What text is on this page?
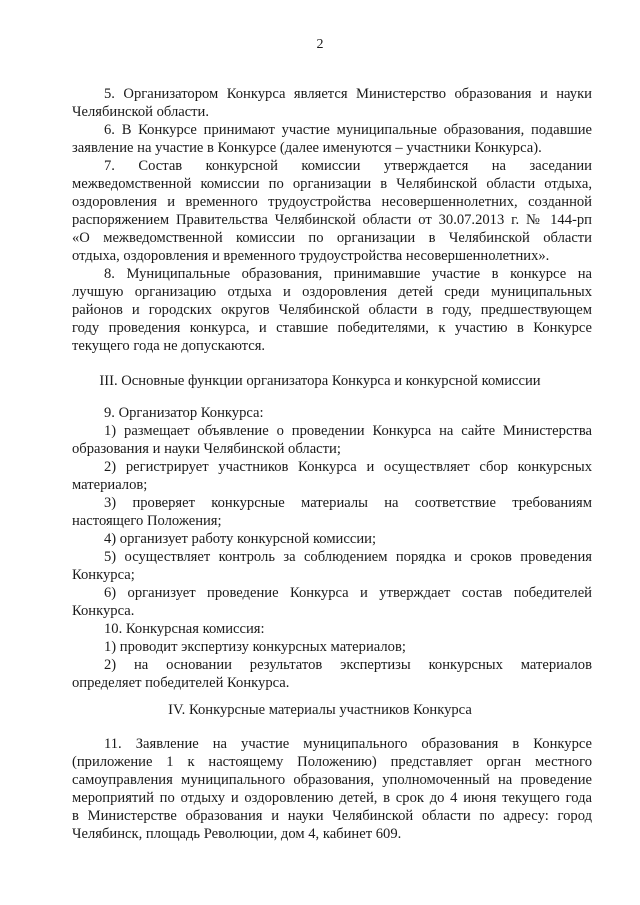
2
5. Организатором Конкурса является Министерство образования и науки
Челябинской области.
6. В Конкурсе принимают участие муниципальные образования, подавшие
заявление на участие в Конкурсе (далее именуются – участники Конкурса).
7. Состав конкурсной комиссии утверждается на заседании
межведомственной комиссии по организации в Челябинской области отдыха,
оздоровления и временного трудоустройства несовершеннолетних, созданной
распоряжением Правительства Челябинской области от 30.07.2013 г. № 144-рп
«О межведомственной комиссии по организации в Челябинской области
отдыха, оздоровления и временного трудоустройства несовершеннолетних».
8. Муниципальные образования, принимавшие участие в конкурсе на
лучшую организацию отдыха и оздоровления детей среди муниципальных
районов и городских округов Челябинской области в году, предшествующем
году проведения конкурса, и ставшие победителями, к участию в Конкурсе
текущего года не допускаются.
III. Основные функции организатора Конкурса и конкурсной комиссии
9. Организатор Конкурса:
1) размещает объявление о проведении Конкурса на сайте Министерства
образования и науки Челябинской области;
2) регистрирует участников Конкурса и осуществляет сбор конкурсных
материалов;
3) проверяет конкурсные материалы на соответствие требованиям
настоящего Положения;
4) организует работу конкурсной комиссии;
5) осуществляет контроль за соблюдением порядка и сроков проведения
Конкурса;
6) организует проведение Конкурса и утверждает состав победителей
Конкурса.
10. Конкурсная комиссия:
1) проводит экспертизу конкурсных материалов;
2) на основании результатов экспертизы конкурсных материалов
определяет победителей Конкурса.
IV. Конкурсные материалы участников Конкурса
11. Заявление на участие муниципального образования в Конкурсе
(приложение 1 к настоящему Положению) представляет орган местного
самоуправления муниципального образования, уполномоченный на проведение
мероприятий по отдыху и оздоровлению детей, в срок до 4 июня текущего года
в Министерстве образования и науки Челябинской области по адресу: город
Челябинск, площадь Революции, дом 4, кабинет 609.
